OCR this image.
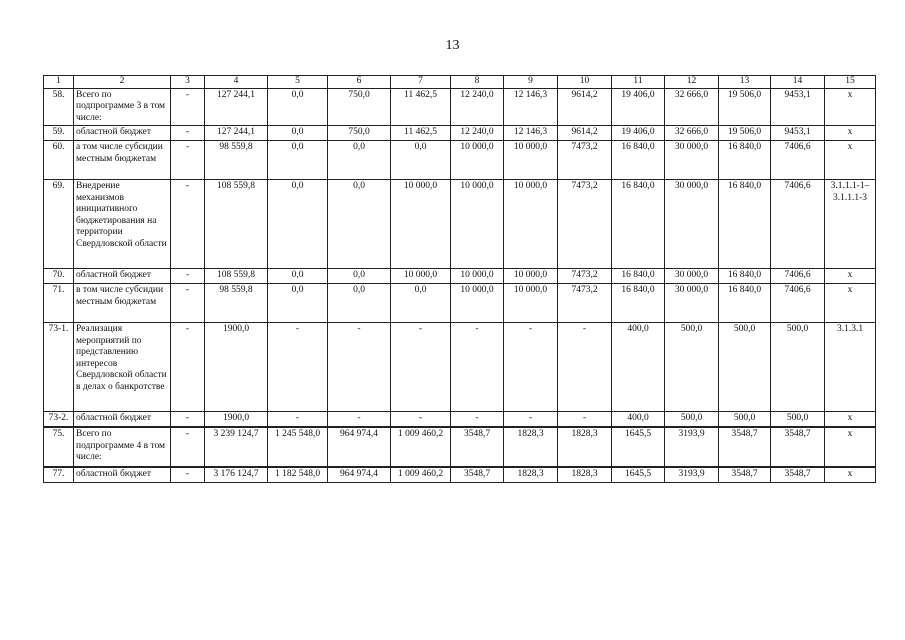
13
1	2	3	4	5	6	7	8	9	10	11	12	13	14	15
58.	Всего по подпрограмме 3 в том числе:	-	127 244,1	0,0	750,0	11 462,5	12 240,0	12 146,3	9614,2	19 406,0	32 666,0	19 506,0	9453,1	х
59.	областной бюджет	-	127 244,1	0,0	750,0	11 462,5	12 240,0	12 146,3	9614,2	19 406,0	32 666,0	19 506,0	9453,1	х
60.	а том числе субсидии местным бюджетам	-	98 559,8	0,0	0,0	0,0	10 000,0	10 000,0	7473,2	16 840,0	30 000,0	16 840,0	7406,6	х
69.	Внедрение механизмов инициативного бюджетирования на территории Свердловской области	-	108 559,8	0,0	0,0	10 000,0	10 000,0	10 000,0	7473,2	16 840,0	30 000,0	16 840,0	7406,6	3.1.1.1-1– 3.1.1.1-3
70.	областной бюджет	-	108 559,8	0,0	0,0	10 000,0	10 000,0	10 000,0	7473,2	16 840,0	30 000,0	16 840,0	7406,6	х
71.	в том числе субсидии местным бюджетам	-	98 559,8	0,0	0,0	0,0	10 000,0	10 000,0	7473,2	16 840,0	30 000,0	16 840,0	7406,6	х
73-1.	Реализация мероприятий по представлению интересов Свердловской области в делах о банкротстве	-	1900,0	-	-	-	-	-	-	400,0	500,0	500,0	500,0	3.1.3.1
73-2.	областной бюджет	-	1900,0	-	-	-	-	-	-	400,0	500,0	500,0	500,0	х
75.	Всего по подпрограмме 4 в том числе:	-	3 239 124,7	1 245 548,0	964 974,4	1 009 460,2	3548,7	1828,3	1828,3	1645,5	3193,9	3548,7	3548,7	х
77.	областной бюджет	-	3 176 124,7	1 182 548,0	964 974,4	1 009 460,2	3548,7	1828,3	1828,3	1645,5	3193,9	3548,7	3548,7	х
